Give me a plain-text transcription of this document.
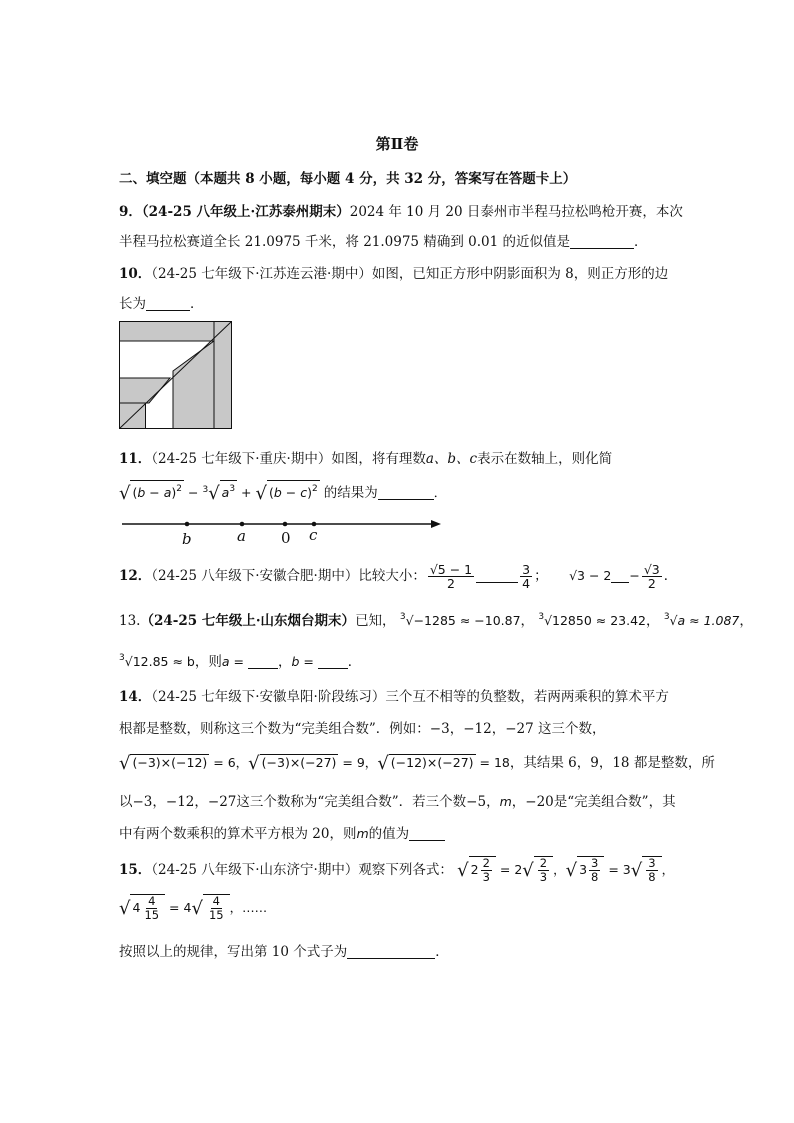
第Ⅱ卷
二、填空题（本题共 8 小题，每小题 4 分，共 32 分，答案写在答题卡上）
9．（24-25 八年级上·江苏泰州期末）2024 年 10 月 20 日泰州市半程马拉松鸣枪开赛，本次
半程马拉松赛道全长 21.0975 千米，将 21.0975 精确到 0.01 的近似值是	．
10．（24-25 七年级下·江苏连云港·期中）如图，已知正方形中阴影面积为 8，则正方形的边
长为	．
11．（24-25 七年级下·重庆·期中）如图，将有理数a、b、c表示在数轴上，则化简
√ $(b - a)^2 - ^3√$ $a^3$ + √ $(b - c)^2$ 的结果为	．
b	a 0 c
12．（24-25 八年级下·安徽合肥·期中）比较大小： $\frac{√5 - 1}{2}$	$\frac{3}{4}$ ；     $√3 - 2 - \frac{√3}{2}$ ．
13.（24-25 七年级上·山东烟台期末）已知， $^3$√−1285 ≈ −10.87， $^3$√12850 ≈ 23.42， $^3$√a ≈ 1.087，
$^3$√12.85 ≈ b，则a = ，b = ．
14．（24-25 七年级下·安徽阜阳·阶段练习）三个互不相等的负整数，若两两乘积的算术平方
根都是整数，则称这三个数为“完美组合数”．例如：−3，−12，−27 这三个数，
√ (−3)×(−12) = 6，√ (−3)×(−27) = 9，√ (−12)×(−27) = 18，其结果 6，9，18 都是整数，所
以−3，−12，−27这三个数称为“完美组合数”．若三个数−5，m，−20是“完美组合数”，其
中有两个数乘积的算术平方根为 20，则m的值为
15．（24-25 八年级下·山东济宁·期中）观察下列各式： √ $2 \frac{2}{3} = 2√ \frac{2}{3}$ ，√ $3 \frac{3}{8} = 3√ \frac{3}{8}$ ，
√ $4 \frac{4}{15} = 4√ \frac{4}{15}$ ，……
按照以上的规律，写出第 10 个式子为	．
